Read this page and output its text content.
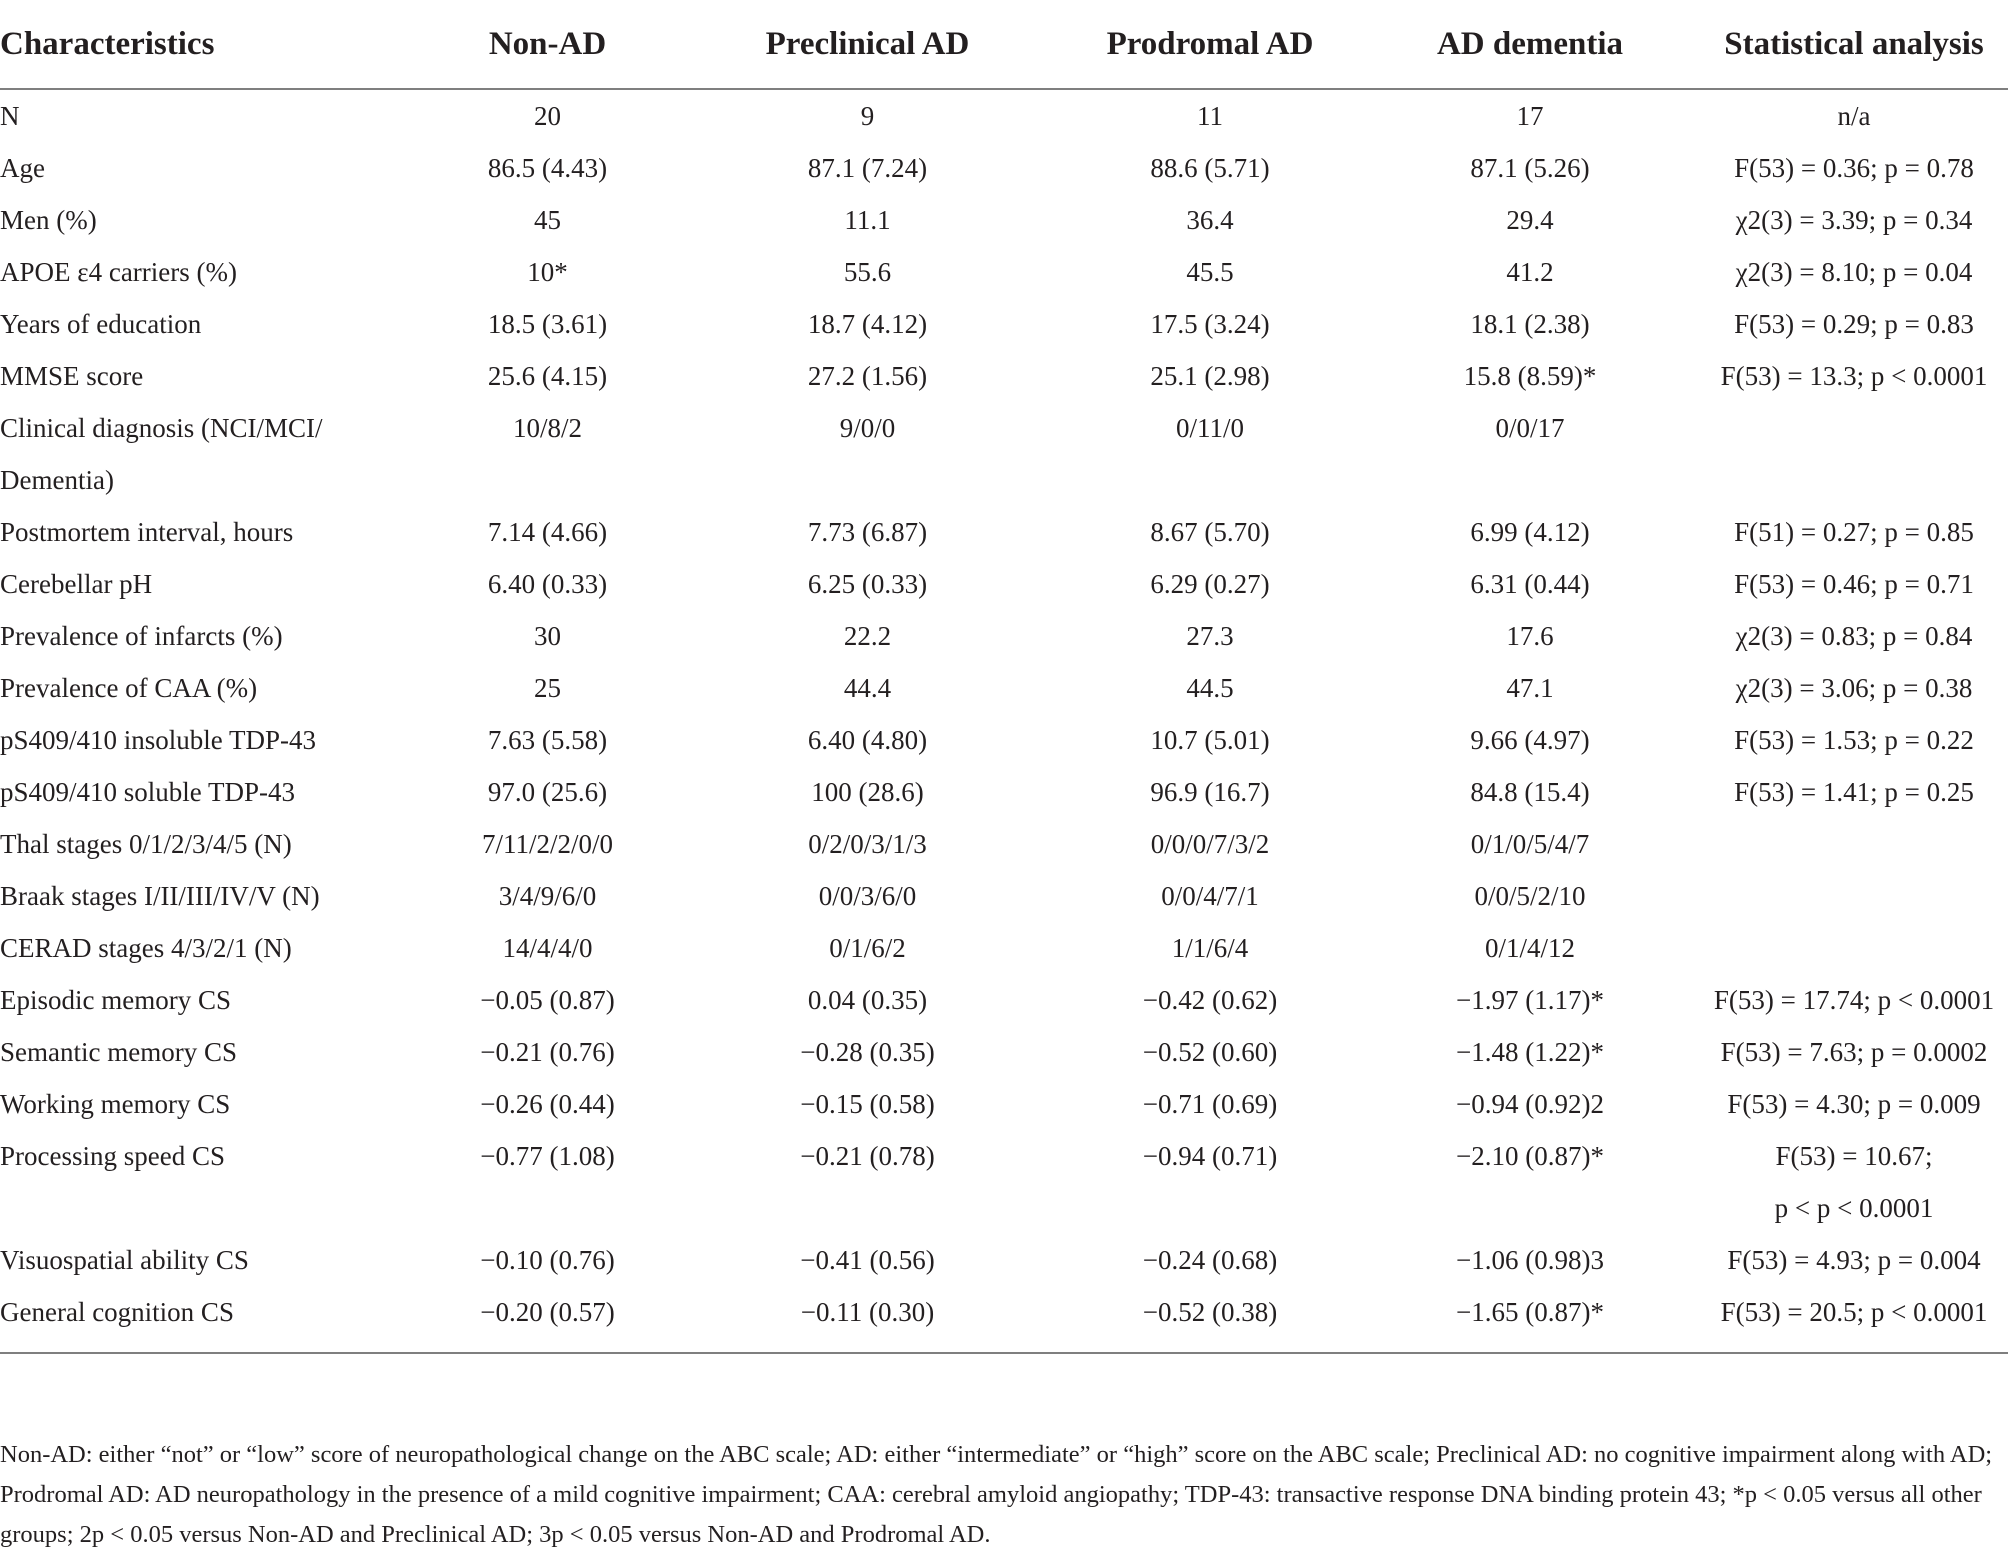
Characteristics	Non-AD	Preclinical AD	Prodromal AD	AD dementia	Statistical analysis
N	20	9	11	17	n/a
Age	86.5 (4.43)	87.1 (7.24)	88.6 (5.71)	87.1 (5.26)	F(53) = 0.36; p = 0.78
Men (%)	45	11.1	36.4	29.4	χ2(3) = 3.39; p = 0.34
APOE ε4 carriers (%)	10*	55.6	45.5	41.2	χ2(3) = 8.10; p = 0.04
Years of education	18.5 (3.61)	18.7 (4.12)	17.5 (3.24)	18.1 (2.38)	F(53) = 0.29; p = 0.83
MMSE score	25.6 (4.15)	27.2 (1.56)	25.1 (2.98)	15.8 (8.59)*	F(53) = 13.3; p < 0.0001
Clinical diagnosis (NCI/MCI/	10/8/2	9/0/0	0/11/0	0/0/17	
Dementia)					
Postmortem interval, hours	7.14 (4.66)	7.73 (6.87)	8.67 (5.70)	6.99 (4.12)	F(51) = 0.27; p = 0.85
Cerebellar pH	6.40 (0.33)	6.25 (0.33)	6.29 (0.27)	6.31 (0.44)	F(53) = 0.46; p = 0.71
Prevalence of infarcts (%)	30	22.2	27.3	17.6	χ2(3) = 0.83; p = 0.84
Prevalence of CAA (%)	25	44.4	44.5	47.1	χ2(3) = 3.06; p = 0.38
pS409/410 insoluble TDP-43	7.63 (5.58)	6.40 (4.80)	10.7 (5.01)	9.66 (4.97)	F(53) = 1.53; p = 0.22
pS409/410 soluble TDP-43	97.0 (25.6)	100 (28.6)	96.9 (16.7)	84.8 (15.4)	F(53) = 1.41; p = 0.25
Thal stages 0/1/2/3/4/5 (N)	7/11/2/2/0/0	0/2/0/3/1/3	0/0/0/7/3/2	0/1/0/5/4/7	
Braak stages I/II/III/IV/V (N)	3/4/9/6/0	0/0/3/6/0	0/0/4/7/1	0/0/5/2/10	
CERAD stages 4/3/2/1 (N)	14/4/4/0	0/1/6/2	1/1/6/4	0/1/4/12	
Episodic memory CS	−0.05 (0.87)	0.04 (0.35)	−0.42 (0.62)	−1.97 (1.17)*	F(53) = 17.74; p < 0.0001
Semantic memory CS	−0.21 (0.76)	−0.28 (0.35)	−0.52 (0.60)	−1.48 (1.22)*	F(53) = 7.63; p = 0.0002
Working memory CS	−0.26 (0.44)	−0.15 (0.58)	−0.71 (0.69)	−0.94 (0.92)2	F(53) = 4.30; p = 0.009
Processing speed CS	−0.77 (1.08)	−0.21 (0.78)	−0.94 (0.71)	−2.10 (0.87)*	F(53) = 10.67;
					p < p < 0.0001
Visuospatial ability CS	−0.10 (0.76)	−0.41 (0.56)	−0.24 (0.68)	−1.06 (0.98)3	F(53) = 4.93; p = 0.004
General cognition CS	−0.20 (0.57)	−0.11 (0.30)	−0.52 (0.38)	−1.65 (0.87)*	F(53) = 20.5; p < 0.0001

Non-AD: either “not” or “low” score of neuropathological change on the ABC scale; AD: either “intermediate” or “high” score on the ABC scale; Preclinical AD: no cognitive impairment along with AD; Prodromal AD: AD neuropathology in the presence of a mild cognitive impairment; CAA: cerebral amyloid angiopathy; TDP-43: transactive response DNA binding protein 43; *p < 0.05 versus all other groups; 2p < 0.05 versus Non-AD and Preclinical AD; 3p < 0.05 versus Non-AD and Prodromal AD.
